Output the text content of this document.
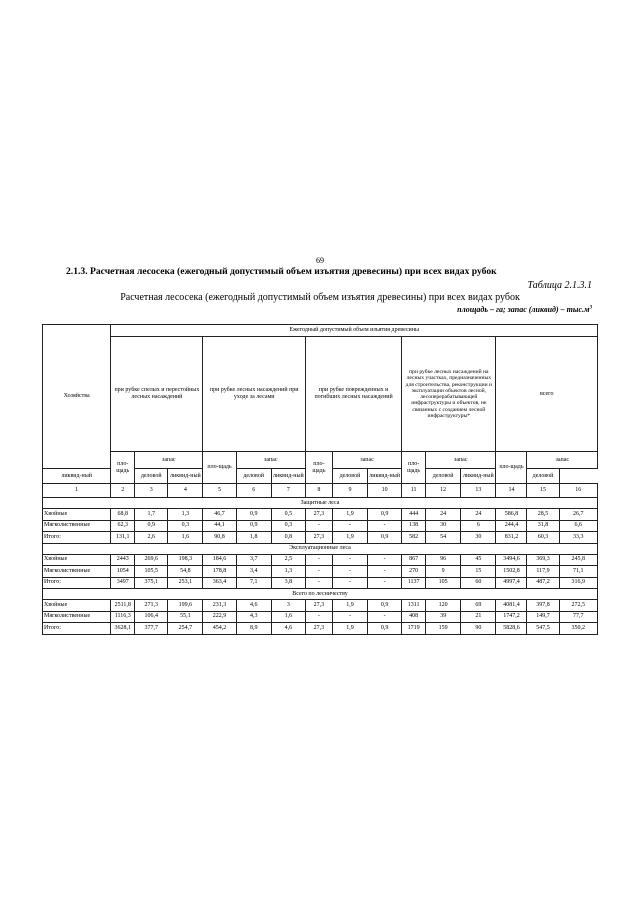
69
2.1.3. Расчетная лесосека (ежегодный допустимый объем изъятия древесины) при всех видах рубок
Таблица 2.1.3.1
Расчетная лесосека (ежегодный допустимый объем изъятия древесины) при всех видах рубок
площадь – га; запас (ликвид) – $тыс.м^3$
Хозяйства	Ежегодный допустимый объем изъятия древесины														
	при рубке спелых и перестойных лесных насаждений			при рубке лесных насаждений при уходе за лесами			при рубке поврежденных и погибших лесных насаждений			при рубке лесных насаждений на лесных участках, предназначенных для строительства, реконструкции и эксплуатации объектов лесной, лесоперерабатывающей инфраструктуры и объектов, не связанных с созданием лесной инфраструктуры*			всего		
	пло-щадь	запас		пло-щадь	запас		пло-щадь	запас		пло-щадь	запас		пло-щадь	запас	
ликвид-ный		деловой	ликвид-ный		деловой	ликвид-ный		деловой	ликвид-ный		деловой	ликвид-ный		деловой	
1	2	3	4	5	6	7	8	9	10	11	12	13	14	15	16
Защитные леса															
Хвойные	68,8	1,7	1,3	46,7	0,9	0,5	27,3	1,9	0,9	444	24	24	586,8	28,5	26,7
Мягколиственные	62,3	0,9	0,3	44,1	0,9	0,3	-	-	-	138	30	6	244,4	31,8	6,6
Итого:	131,1	2,6	1,6	90,8	1,8	0,8	27,3	1,9	0,9	582	54	30	831,2	60,3	33,3
Эксплуатационные леса															
Хвойные	2443	269,6	198,3	184,6	3,7	2,5	-	-	-	867	96	45	3494,6	369,3	245,8
Мягколиственные	1054	105,5	54,8	178,8	3,4	1,3	-	-	-	270	9	15	1502,8	117,9	71,1
Итого:	3497	375,1	253,1	363,4	7,1	3,8	-	-	-	1137	105	60	4997,4	487,2	316,9
Всего по лесничеству															
Хвойные	2511,8	271,3	199,6	231,3	4,6	3	27,3	1,9	0,9	1311	120	69	4081,4	397,8	272,5
Мягколиственные	1116,3	106,4	55,1	222,9	4,3	1,6	-	-	-	408	39	21	1747,2	149,7	77,7
Итого:	3628,1	377,7	254,7	454,2	8,9	4,6	27,3	1,9	0,9	1719	159	90	5828,6	547,5	350,2
